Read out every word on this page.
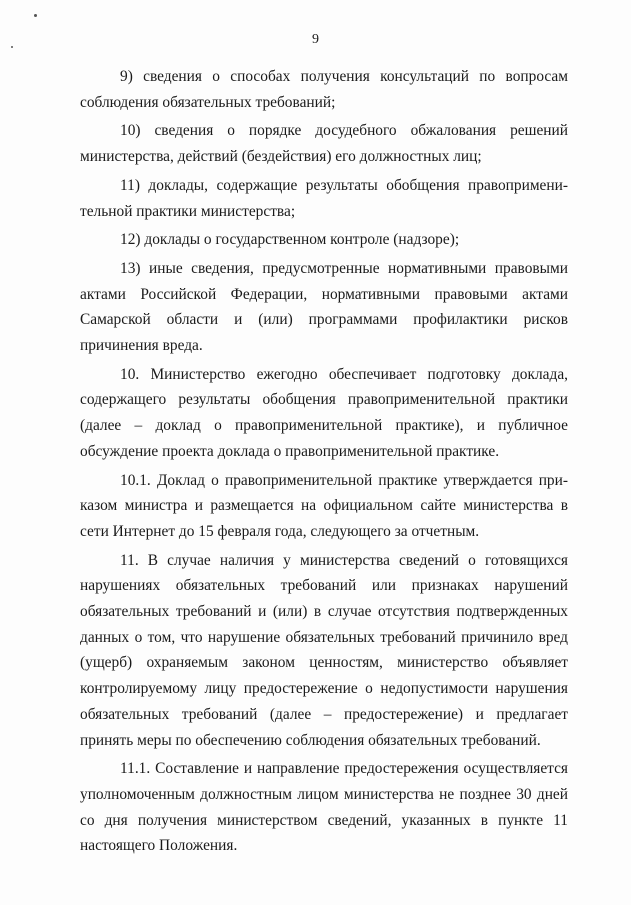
9

9) сведения о способах получения консультаций по вопросам соблюдения обязательных требований;

10) сведения о порядке досудебного обжалования решений министерства, действий (бездействия) его должностных лиц;

11) доклады, содержащие результаты обобщения правоприменительной практики министерства;

12) доклады о государственном контроле (надзоре);

13) иные сведения, предусмотренные нормативными правовыми актами Российской Федерации, нормативными правовыми актами Самарской области и (или) программами профилактики рисков причинения вреда.

10. Министерство ежегодно обеспечивает подготовку доклада, содержащего результаты обобщения правоприменительной практики (далее – доклад о правоприменительной практике), и публичное обсуждение проекта доклада о правоприменительной практике.

10.1. Доклад о правоприменительной практике утверждается приказом министра и размещается на официальном сайте министерства в сети Интернет до 15 февраля года, следующего за отчетным.

11. В случае наличия у министерства сведений о готовящихся нарушениях обязательных требований или признаках нарушений обязательных требований и (или) в случае отсутствия подтвержденных данных о том, что нарушение обязательных требований причинило вред (ущерб) охраняемым законом ценностям, министерство объявляет контролируемому лицу предостережение о недопустимости нарушения обязательных требований (далее – предостережение) и предлагает принять меры по обеспечению соблюдения обязательных требований.

11.1. Составление и направление предостережения осуществляется уполномоченным должностным лицом министерства не позднее 30 дней со дня получения министерством сведений, указанных в пункте 11 настоящего Положения.
